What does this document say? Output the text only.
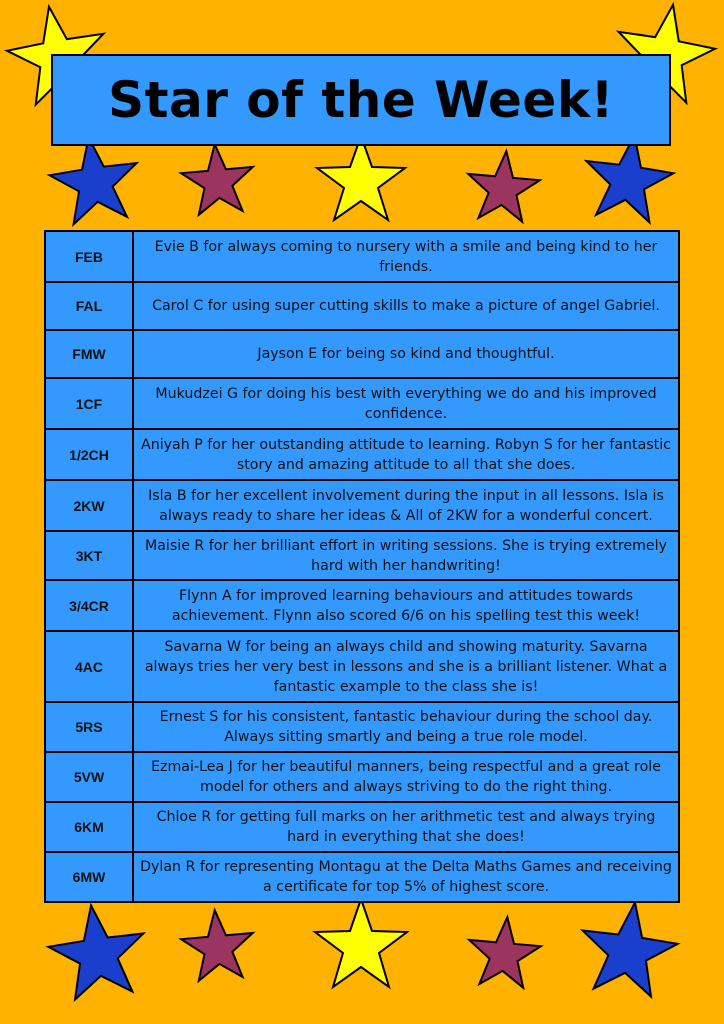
Star of the Week!
FEB	Evie B for always coming to nursery with a smile and being kind to her friends.
FAL	Carol C for using super cutting skills to make a picture of angel Gabriel.
FMW	Jayson E for being so kind and thoughtful.
1CF	Mukudzei G for doing his best with everything we do and his improved confidence.
1/2CH	Aniyah P for her outstanding attitude to learning. Robyn S for her fantastic story and amazing attitude to all that she does.
2KW	Isla B for her excellent involvement during the input in all lessons. Isla is always ready to share her ideas & All of 2KW for a wonderful concert.
3KT	Maisie R for her brilliant effort in writing sessions. She is trying extremely hard with her handwriting!
3/4CR	Flynn A for improved learning behaviours and attitudes towards achievement. Flynn also scored 6/6 on his spelling test this week!
4AC	Savarna W for being an always child and showing maturity. Savarna always tries her very best in lessons and she is a brilliant listener. What a fantastic example to the class she is!
5RS	Ernest S for his consistent, fantastic behaviour during the school day. Always sitting smartly and being a true role model.
5VW	Ezmai-Lea J for her beautiful manners, being respectful and a great role model for others and always striving to do the right thing.
6KM	Chloe R for getting full marks on her arithmetic test and always trying hard in everything that she does!
6MW	Dylan R for representing Montagu at the Delta Maths Games and receiving a certificate for top 5% of highest score.
